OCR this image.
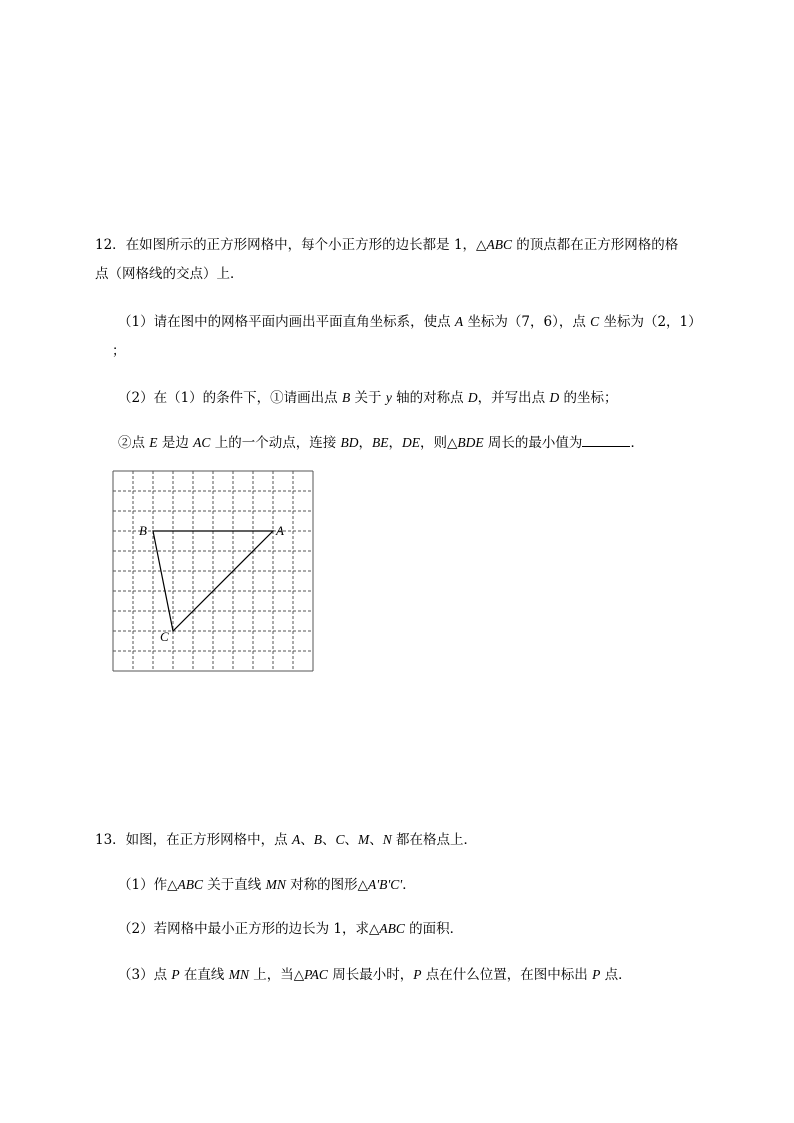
12．在如图所示的正方形网格中，每个小正方形的边长都是 1，△ABC 的顶点都在正方形网格的格
点（网格线的交点）上．
（1）请在图中的网格平面内画出平面直角坐标系，使点 A 坐标为（7，6），点 C 坐标为（2，1）
；
（2）在（1）的条件下，①请画出点 B 关于 y 轴的对称点 D，并写出点 D 的坐标；
②点 E 是边 AC 上的一个动点，连接 BD，BE，DE，则△BDE 周长的最小值为	．
A
B
C
13．如图，在正方形网格中，点 A、B、C、M、N 都在格点上．
（1）作△ABC 关于直线 MN 对称的图形△A'B'C'．
（2）若网格中最小正方形的边长为 1，求△ABC 的面积．
（3）点 P 在直线 MN 上，当△PAC 周长最小时，P 点在什么位置，在图中标出 P 点．
